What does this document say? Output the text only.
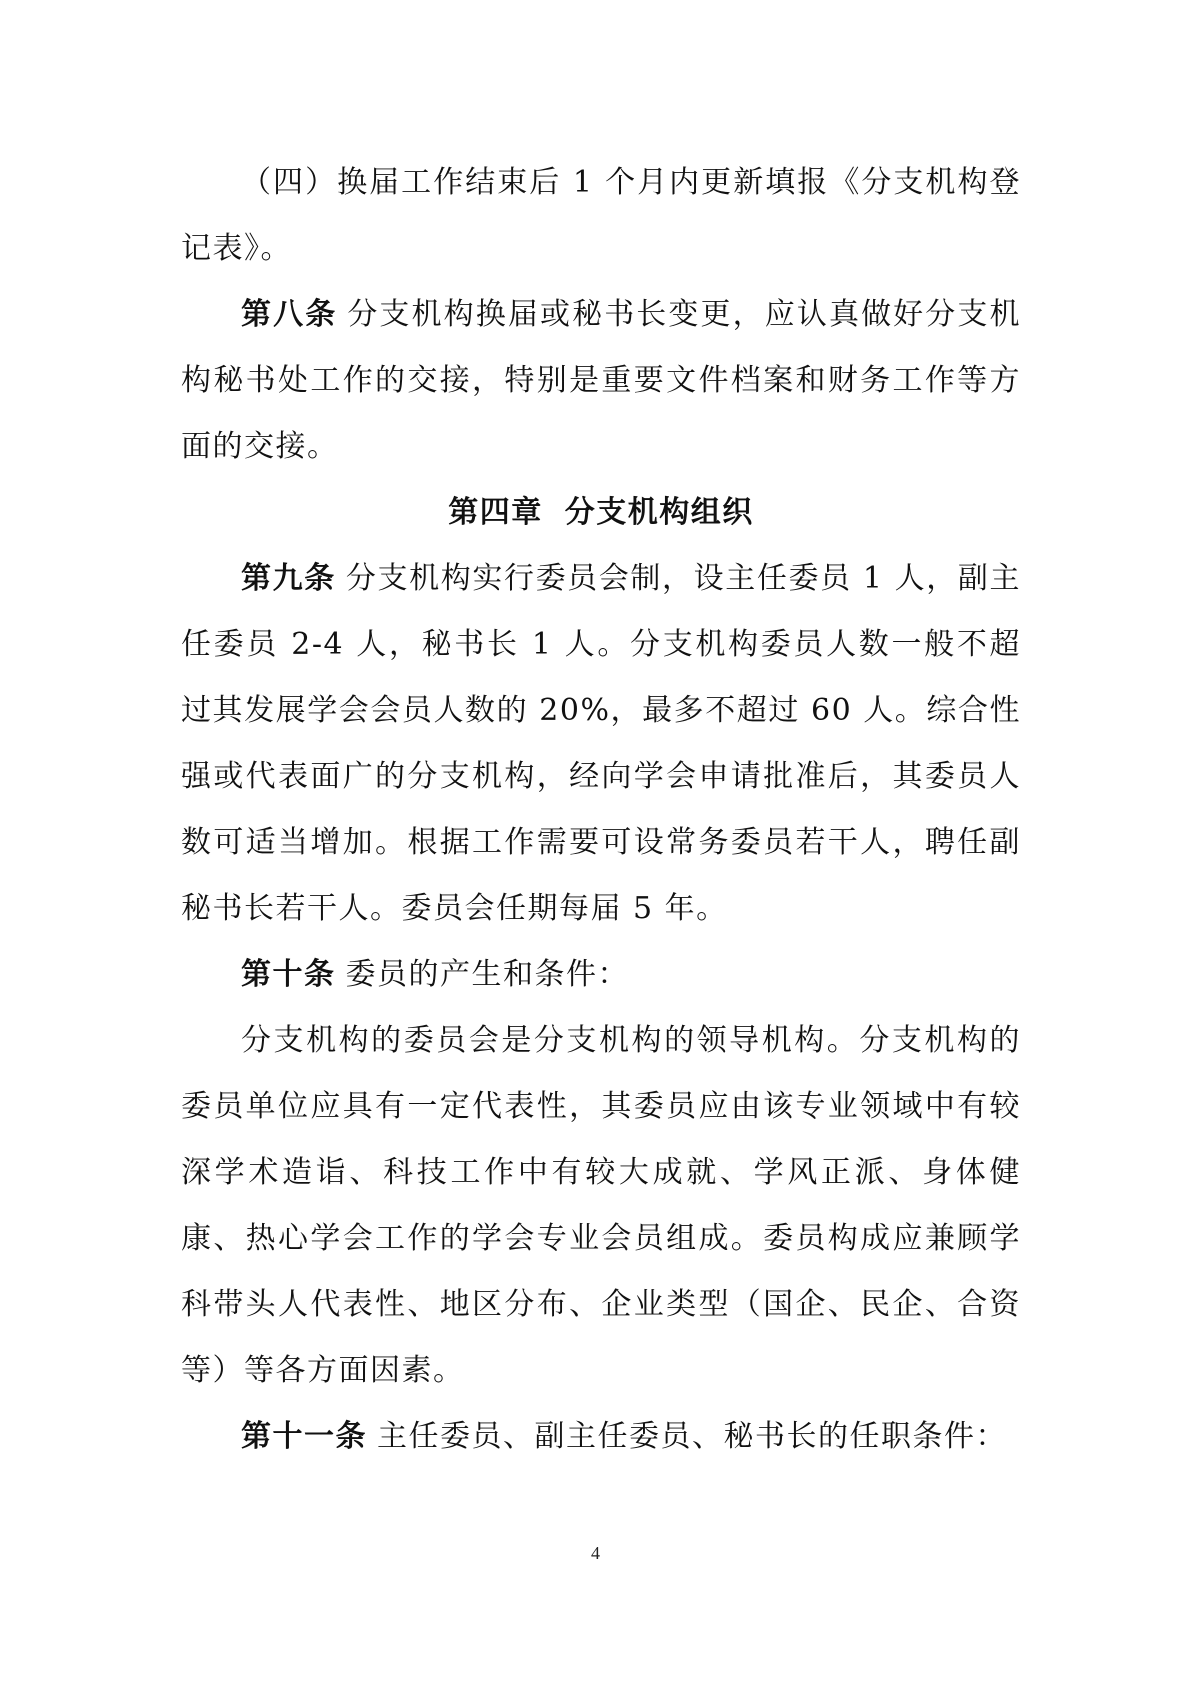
（四）换届工作结束后 1 个月内更新填报《分支机构登记表》。

第八条 分支机构换届或秘书长变更，应认真做好分支机构秘书处工作的交接，特别是重要文件档案和财务工作等方面的交接。

第四章 分支机构组织

第九条 分支机构实行委员会制，设主任委员 1 人，副主任委员 2-4 人，秘书长 1 人。分支机构委员人数一般不超过其发展学会会员人数的 20%，最多不超过 60 人。综合性强或代表面广的分支机构，经向学会申请批准后，其委员人数可适当增加。根据工作需要可设常务委员若干人，聘任副秘书长若干人。委员会任期每届 5 年。

第十条 委员的产生和条件：

分支机构的委员会是分支机构的领导机构。分支机构的委员单位应具有一定代表性，其委员应由该专业领域中有较深学术造诣、科技工作中有较大成就、学风正派、身体健康、热心学会工作的学会专业会员组成。委员构成应兼顾学科带头人代表性、地区分布、企业类型（国企、民企、合资等）等各方面因素。

第十一条 主任委员、副主任委员、秘书长的任职条件：

4
